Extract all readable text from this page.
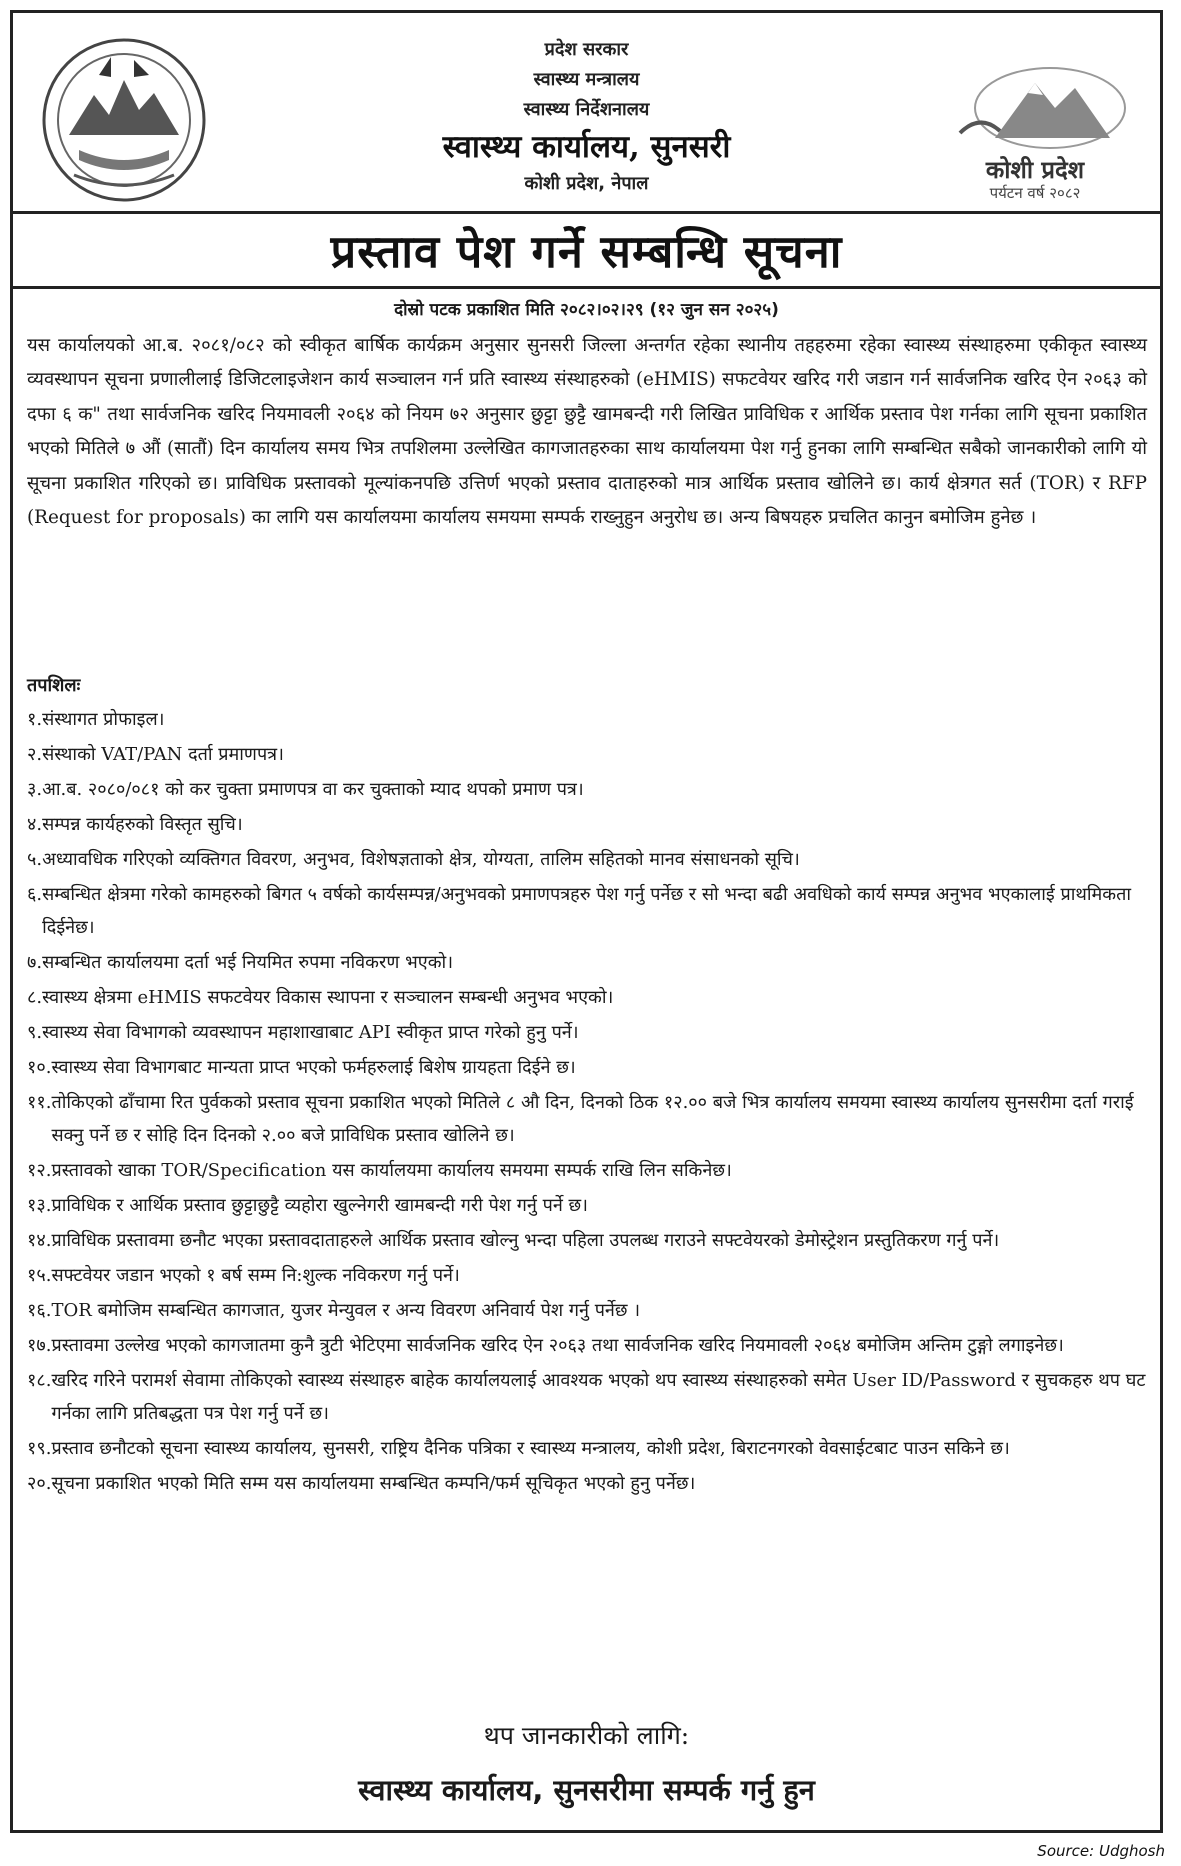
प्रदेश सरकार
स्वास्थ्य मन्त्रालय
स्वास्थ्य निर्देशनालय
स्वास्थ्य कार्यालय, सुनसरी
कोशी प्रदेश, नेपाल	कोशी प्रदेश
पर्यटन वर्ष २०८२
प्रस्ताव पेश गर्ने सम्बन्धि सूचना
दोस्रो पटक प्रकाशित मिति २०८२।०२।२९ (१२ जुन सन २०२५)
यस कार्यालयको आ.ब. २०८१/०८२ को स्वीकृत बार्षिक कार्यक्रम अनुसार सुनसरी जिल्ला अन्तर्गत रहेका स्थानीय तहहरुमा रहेका स्वास्थ्य संस्थाहरुमा एकीकृत स्वास्थ्य व्यवस्थापन सूचना प्रणालीलाई डिजिटलाइजेशन कार्य सञ्चालन गर्न प्रति स्वास्थ्य संस्थाहरुको (eHMIS) सफटवेयर खरिद गरी जडान गर्न सार्वजनिक खरिद ऐन २०६३ को दफा ६ क" तथा सार्वजनिक खरिद नियमावली २०६४ को नियम ७२ अनुसार छुट्टा छुट्टै खामबन्दी गरी लिखित प्राविधिक र आर्थिक प्रस्ताव पेश गर्नका लागि सूचना प्रकाशित भएको मितिले ७ औं (सातौं) दिन कार्यालय समय भित्र तपशिलमा उल्लेखित कागजातहरुका साथ कार्यालयमा पेश गर्नु हुनका लागि सम्बन्धित सबैको जानकारीको लागि यो सूचना प्रकाशित गरिएको छ। प्राविधिक प्रस्तावको मूल्यांकनपछि उत्तिर्ण भएको प्रस्ताव दाताहरुको मात्र आर्थिक प्रस्ताव खोलिने छ। कार्य क्षेत्रगत सर्त (TOR) र RFP (Request for proposals) का लागि यस कार्यालयमा कार्यालय समयमा सम्पर्क राख्नुहुन अनुरोध छ। अन्य बिषयहरु प्रचलित कानुन बमोजिम हुनेछ ।
तपशिलः
१. संस्थागत प्रोफाइल।
२. संस्थाको VAT/PAN दर्ता प्रमाणपत्र।
३. आ.ब. २०८०/०८१ को कर चुक्ता प्रमाणपत्र वा कर चुक्ताको म्याद थपको प्रमाण पत्र।
४. सम्पन्न कार्यहरुको विस्तृत सुचि।
५. अध्यावधिक गरिएको व्यक्तिगत विवरण, अनुभव, विशेषज्ञताको क्षेत्र, योग्यता, तालिम सहितको मानव संसाधनको सूचि।
६. सम्बन्धित क्षेत्रमा गरेको कामहरुको बिगत ५ वर्षको कार्यसम्पन्न/अनुभवको प्रमाणपत्रहरु पेश गर्नु पर्नेछ र सो भन्दा बढी अवधिको कार्य सम्पन्न अनुभव भएकालाई प्राथमिकता दिईनेछ।
७. सम्बन्धित कार्यालयमा दर्ता भई नियमित रुपमा नविकरण भएको।
८. स्वास्थ्य क्षेत्रमा eHMIS सफटवेयर विकास स्थापना र सञ्चालन सम्बन्धी अनुभव भएको।
९. स्वास्थ्य सेवा विभागको व्यवस्थापन महाशाखाबाट API स्वीकृत प्राप्त गरेको हुनु पर्ने।
१०. स्वास्थ्य सेवा विभागबाट मान्यता प्राप्त भएको फर्महरुलाई बिशेष ग्रायहता दिईने छ।
११. तोकिएको ढाँचामा रित पुर्वकको प्रस्ताव सूचना प्रकाशित भएको मितिले ८ औ दिन, दिनको ठिक १२.०० बजे भित्र कार्यालय समयमा स्वास्थ्य कार्यालय सुनसरीमा दर्ता गराई सक्नु पर्ने छ र सोहि दिन दिनको २.०० बजे प्राविधिक प्रस्ताव खोलिने छ।
१२. प्रस्तावको खाका TOR/Specification यस कार्यालयमा कार्यालय समयमा सम्पर्क राखि लिन सकिनेछ।
१३. प्राविधिक र आर्थिक प्रस्ताव छुट्टाछुट्टै व्यहोरा खुल्नेगरी खामबन्दी गरी पेश गर्नु पर्ने छ।
१४. प्राविधिक प्रस्तावमा छनौट भएका प्रस्तावदाताहरुले आर्थिक प्रस्ताव खोल्नु भन्दा पहिला उपलब्ध गराउने सफ्टवेयरको डेमोस्ट्रेशन प्रस्तुतिकरण गर्नु पर्ने।
१५. सफ्टवेयर जडान भएको १ बर्ष सम्म नि:शुल्क नविकरण गर्नु पर्ने।
१६. TOR बमोजिम सम्बन्धित कागजात, युजर मेन्युवल र अन्य विवरण अनिवार्य पेश गर्नु पर्नेछ ।
१७. प्रस्तावमा उल्लेख भएको कागजातमा कुनै त्रुटी भेटिएमा सार्वजनिक खरिद ऐन २०६३ तथा सार्वजनिक खरिद नियमावली २०६४ बमोजिम अन्तिम टुङ्गो लगाइनेछ।
१८. खरिद गरिने परामर्श सेवामा तोकिएको स्वास्थ्य संस्थाहरु बाहेक कार्यालयलाई आवश्यक भएको थप स्वास्थ्य संस्थाहरुको समेत User ID/Password र सुचकहरु थप घट गर्नका लागि प्रतिबद्धता पत्र पेश गर्नु पर्ने छ।
१९. प्रस्ताव छनौटको सूचना स्वास्थ्य कार्यालय, सुनसरी, राष्ट्रिय दैनिक पत्रिका र स्वास्थ्य मन्त्रालय, कोशी प्रदेश, बिराटनगरको वेवसाईटबाट पाउन सकिने छ।
२०. सूचना प्रकाशित भएको मिति सम्म यस कार्यालयमा सम्बन्धित कम्पनि/फर्म सूचिकृत भएको हुनु पर्नेछ।
थप जानकारीको लागि:
स्वास्थ्य कार्यालय, सुनसरीमा सम्पर्क गर्नु हुन
Source: Udghosh
